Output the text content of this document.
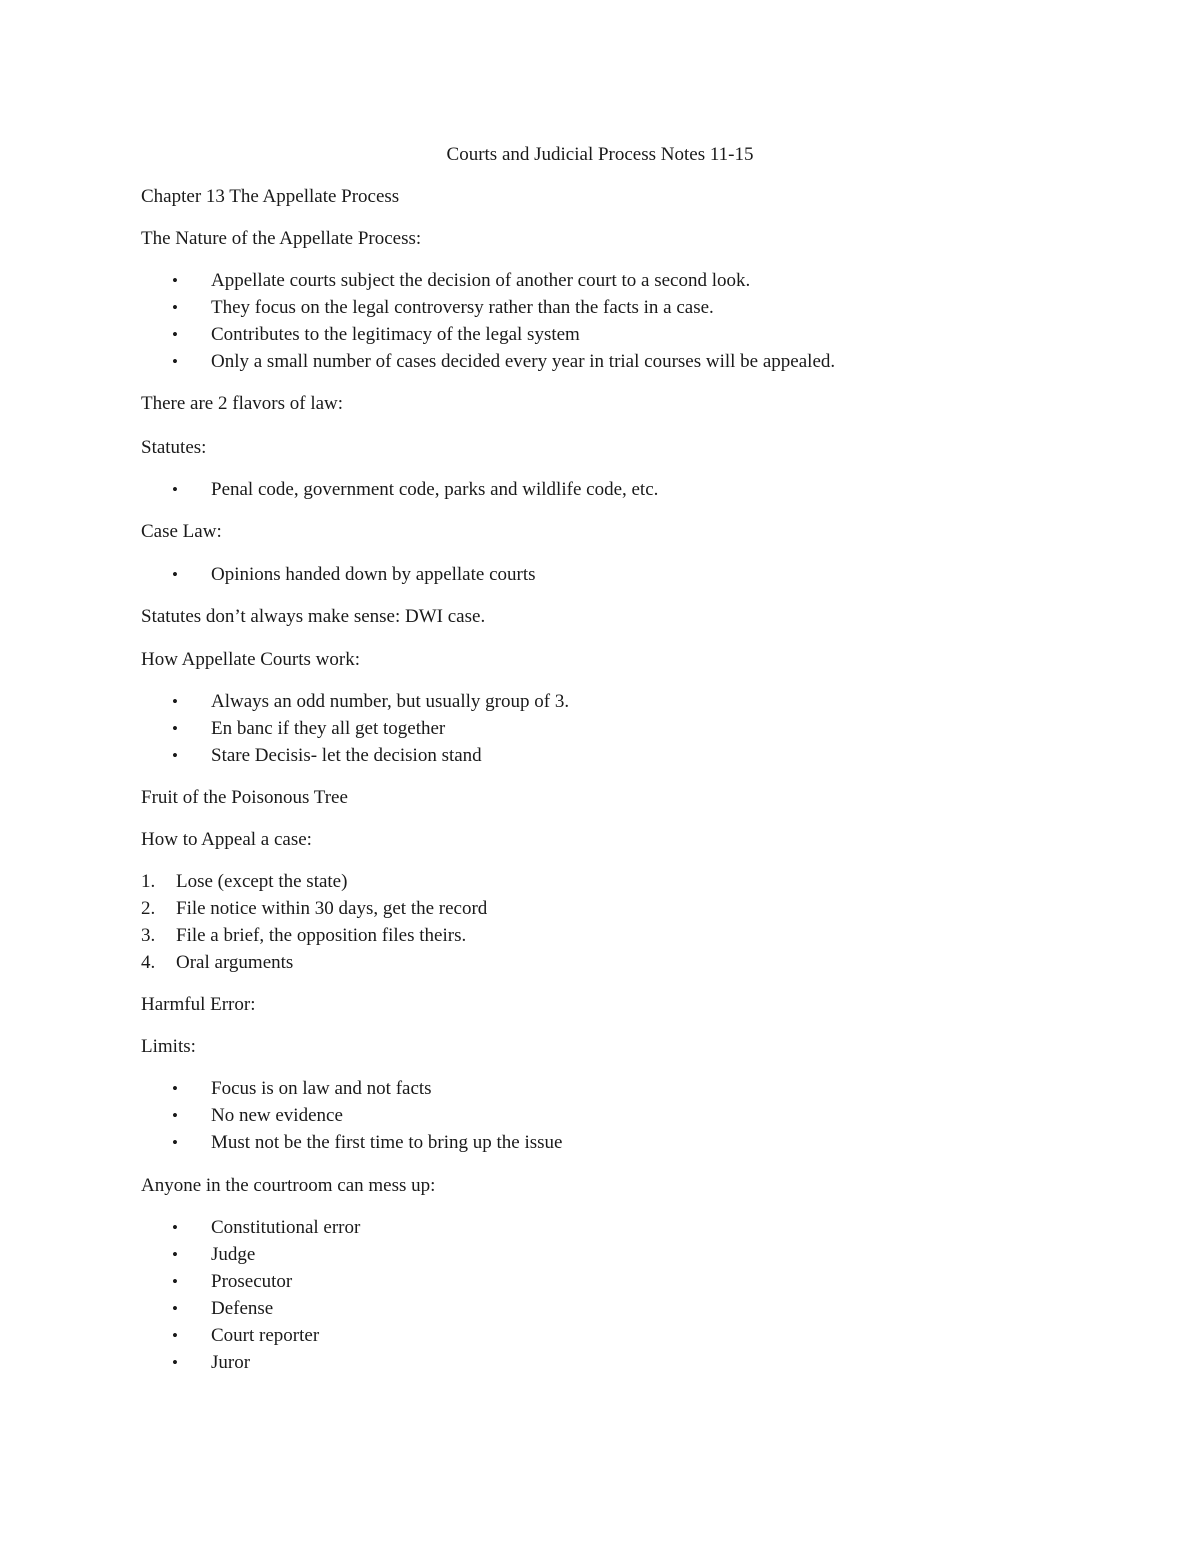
Courts and Judicial Process Notes 11-15
Chapter 13 The Appellate Process
The Nature of the Appellate Process:
• Appellate courts subject the decision of another court to a second look.
• They focus on the legal controversy rather than the facts in a case.
• Contributes to the legitimacy of the legal system
• Only a small number of cases decided every year in trial courses will be appealed.
There are 2 flavors of law:
Statutes:
• Penal code, government code, parks and wildlife code, etc.
Case Law:
• Opinions handed down by appellate courts
Statutes don’t always make sense: DWI case.
How Appellate Courts work:
• Always an odd number, but usually group of 3.
• En banc if they all get together
• Stare Decisis- let the decision stand
Fruit of the Poisonous Tree
How to Appeal a case:
1. Lose (except the state)
2. File notice within 30 days, get the record
3. File a brief, the opposition files theirs.
4. Oral arguments
Harmful Error:
Limits:
• Focus is on law and not facts
• No new evidence
• Must not be the first time to bring up the issue
Anyone in the courtroom can mess up:
• Constitutional error
• Judge
• Prosecutor
• Defense
• Court reporter
• Juror
